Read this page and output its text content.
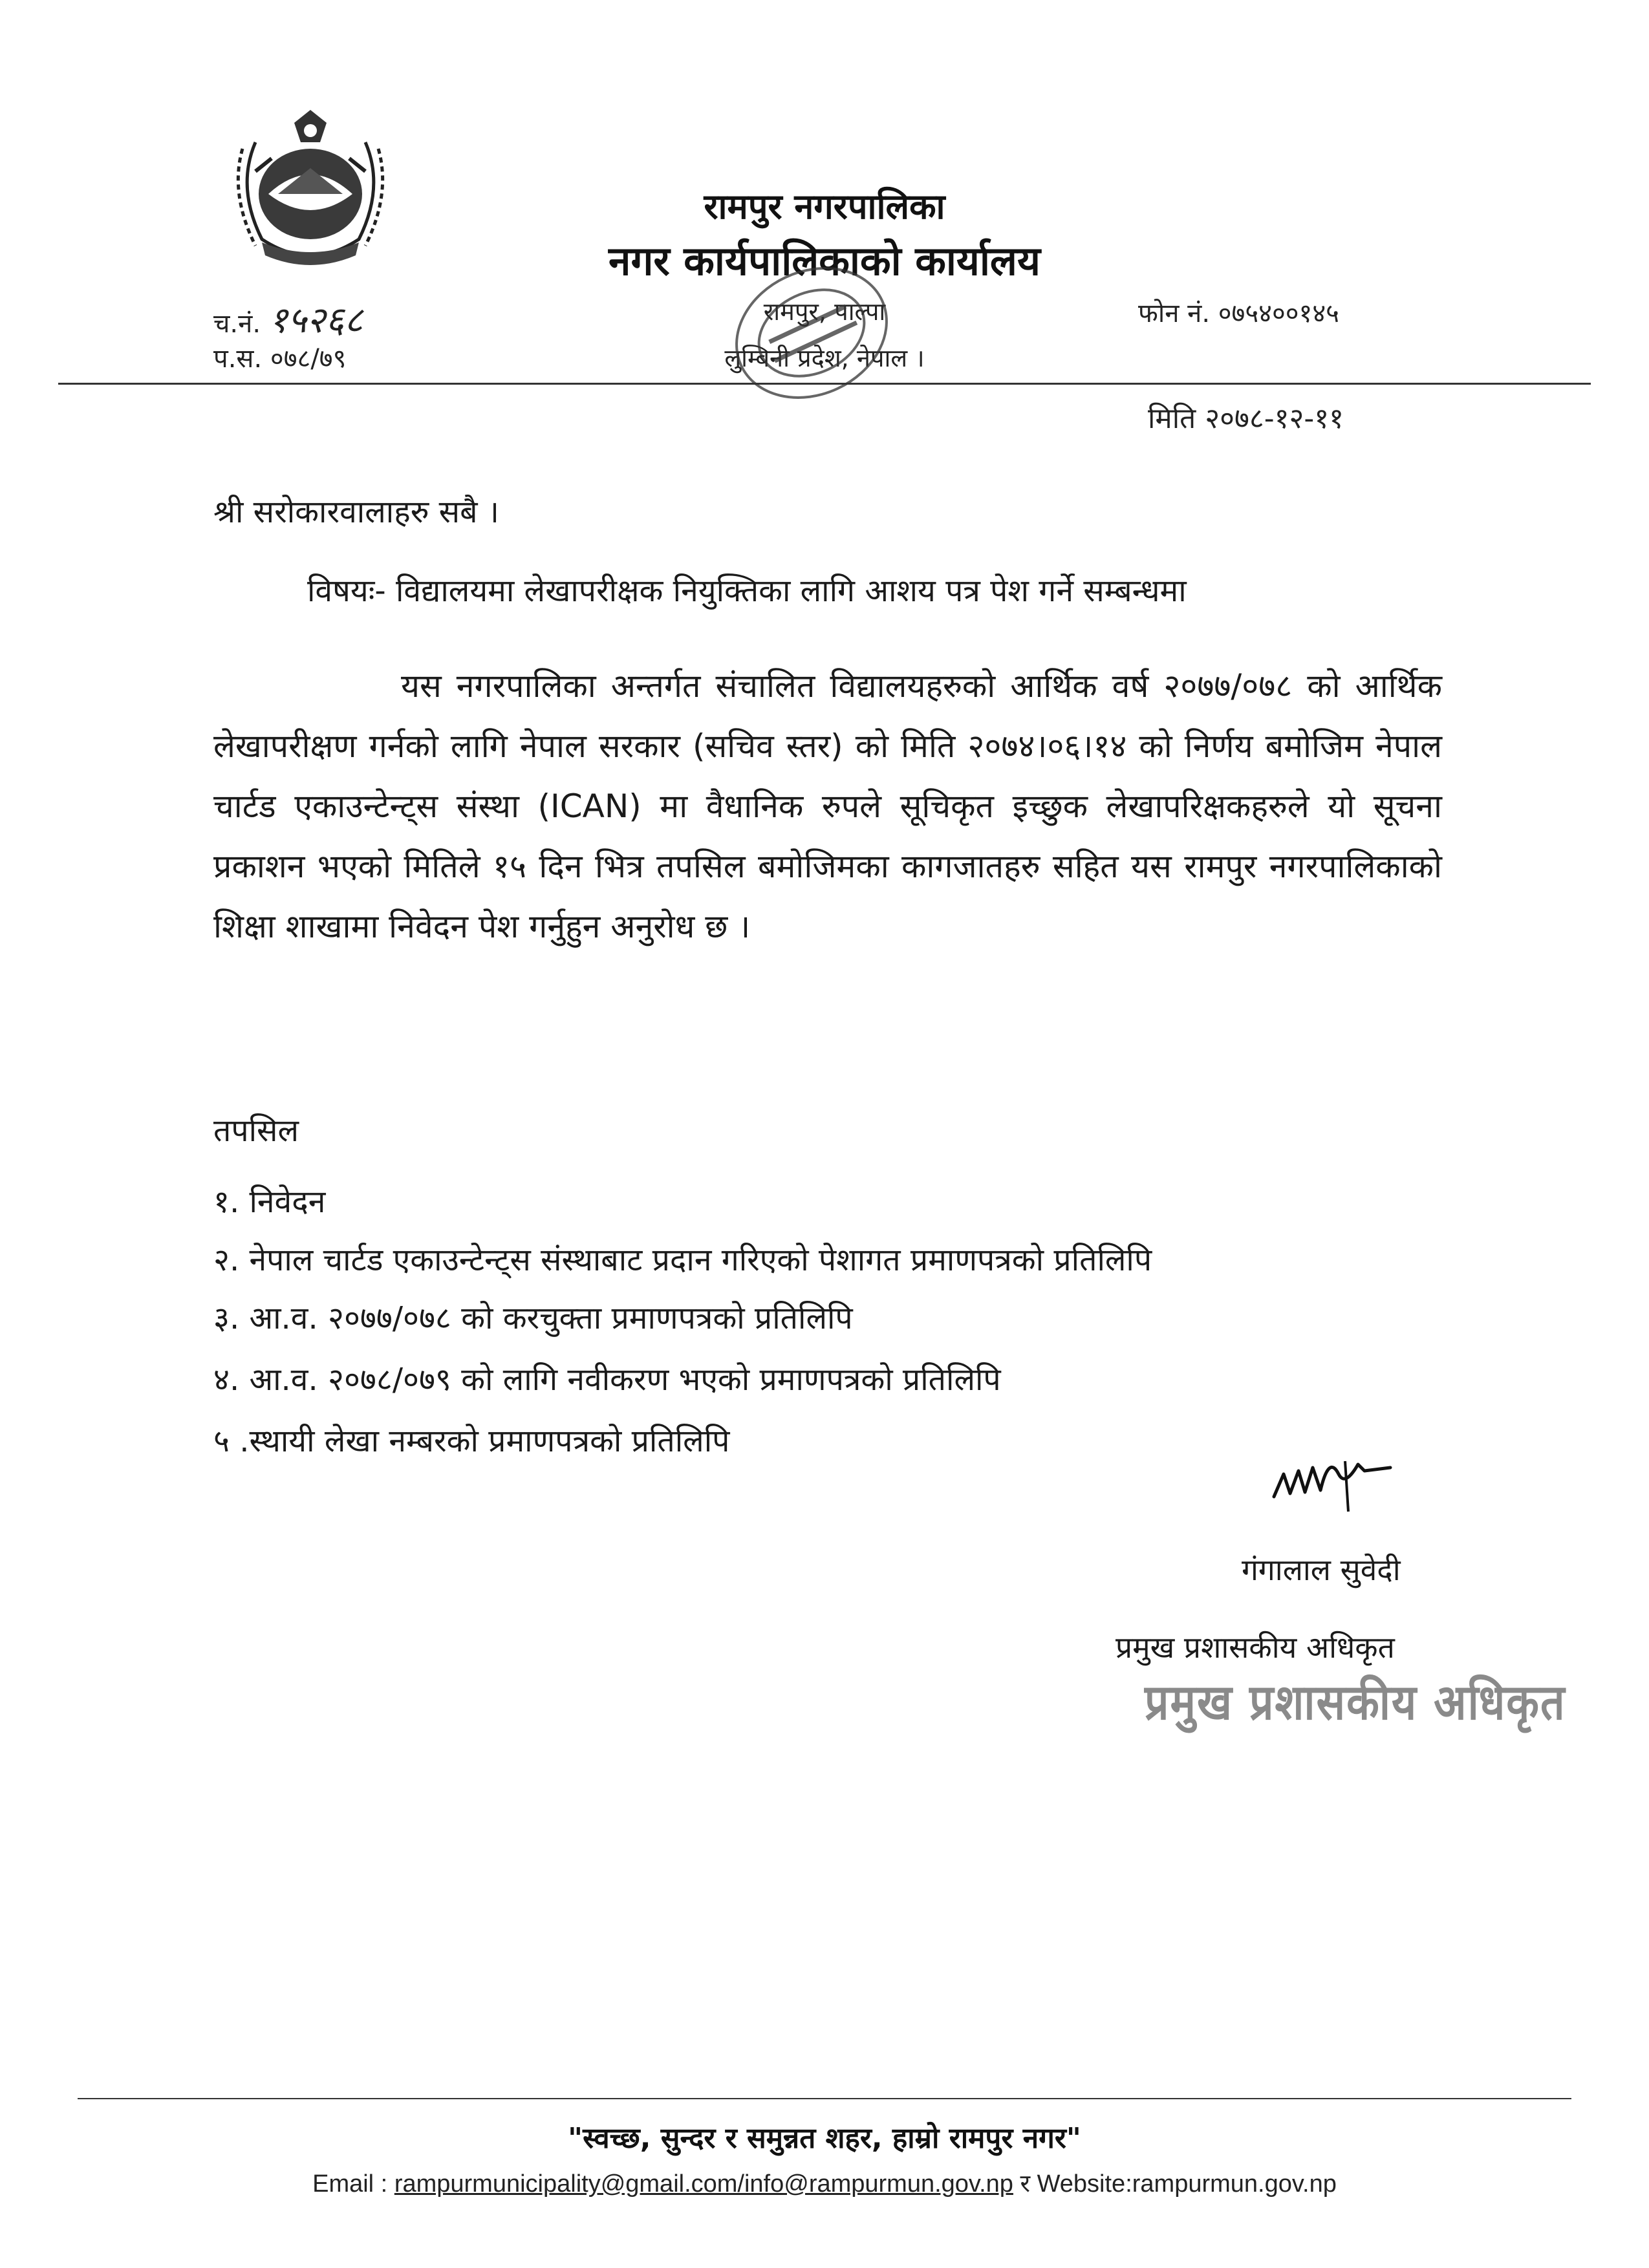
रामपुर नगरपालिका
नगर कार्यपालिकाको कार्यालय
च.नं. १५२६८
प.स. ०७८/७९
रामपुर, पाल्पा
लुम्बिनी प्रदेश, नेपाल ।
फोन नं. ०७५४००१४५
मिति २०७८-१२-११
श्री सरोकारवालाहरु सबै ।
विषयः- विद्यालयमा लेखापरीक्षक नियुक्तिका लागि आशय पत्र पेश गर्ने सम्बन्धमा
यस नगरपालिका अन्तर्गत संचालित विद्यालयहरुको आर्थिक वर्ष २०७७/०७८ को आर्थिक लेखापरीक्षण गर्नको लागि नेपाल सरकार (सचिव स्तर) को मिति २०७४।०६।१४ को निर्णय बमोजिम नेपाल चार्टड एकाउन्टेन्ट्स संस्था (ICAN) मा वैधानिक रुपले सूचिकृत इच्छुक लेखापरिक्षकहरुले यो सूचना प्रकाशन भएको मितिले १५ दिन भित्र तपसिल बमोजिमका कागजातहरु सहित यस रामपुर नगरपालिकाको शिक्षा शाखामा निवेदन पेश गर्नुहुन अनुरोध छ ।
तपसिल
१. निवेदन
२. नेपाल चार्टड एकाउन्टेन्ट्स संस्थाबाट प्रदान गरिएको पेशागत प्रमाणपत्रको प्रतिलिपि
३. आ.व. २०७७/०७८ को करचुक्ता प्रमाणपत्रको प्रतिलिपि
४. आ.व. २०७८/०७९ को लागि नवीकरण भएको प्रमाणपत्रको प्रतिलिपि
५ .स्थायी लेखा नम्बरको प्रमाणपत्रको प्रतिलिपि
गंगालाल सुवेदी
प्रमुख प्रशासकीय अधिकृत
प्रमुख प्रशासकीय अधिकृत
"स्वच्छ, सुन्दर र समुन्नत शहर, हाम्रो रामपुर नगर"
Email : rampurmunicipality@gmail.com/info@rampurmun.gov.np र Website:rampurmun.gov.np
